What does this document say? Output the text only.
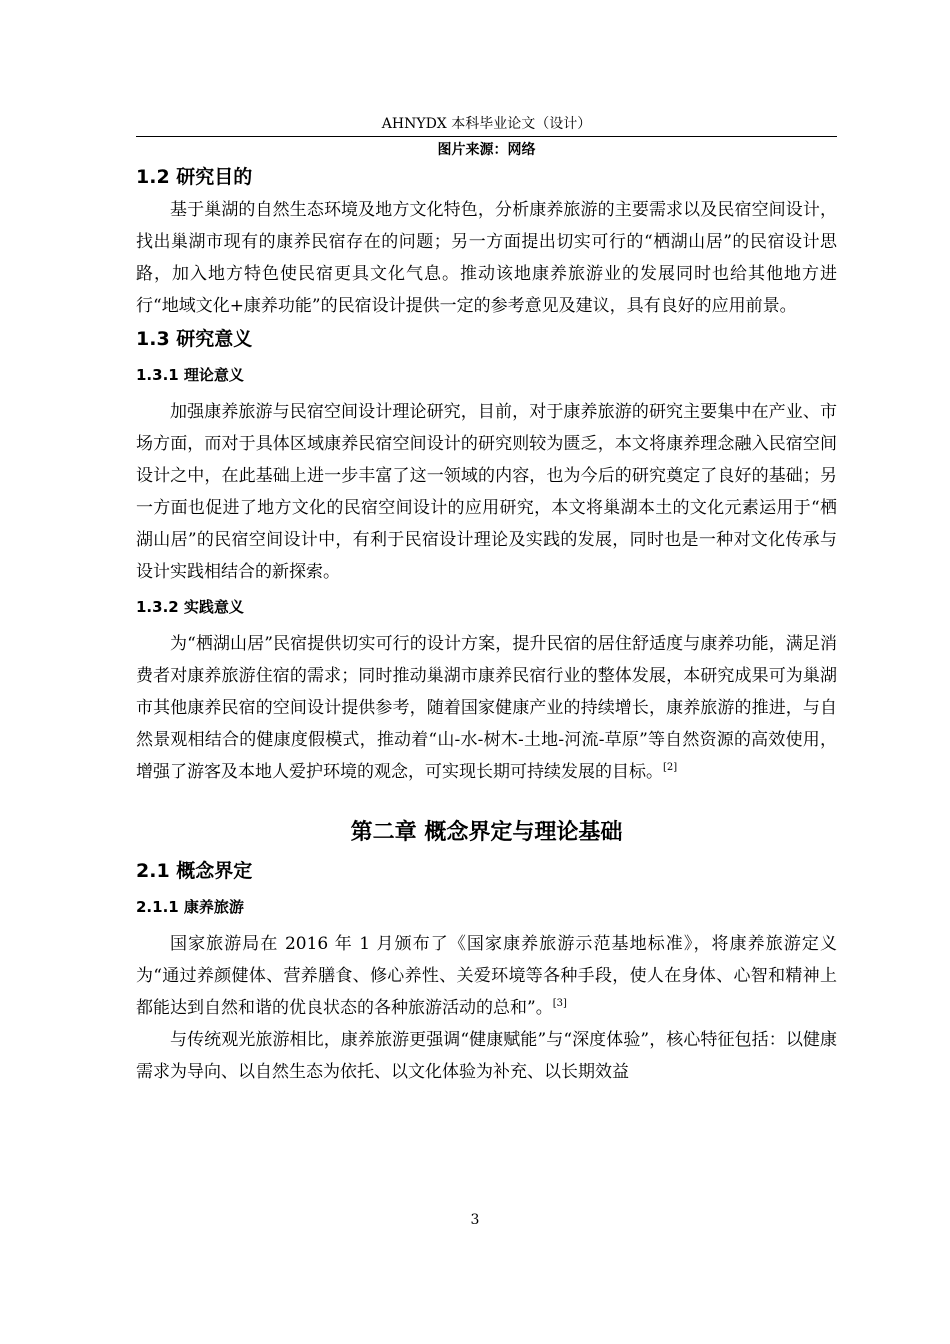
AHNYDX 本科毕业论文（设计）
图片来源：网络
1.2 研究目的

基于巢湖的自然生态环境及地方文化特色，分析康养旅游的主要需求以及民宿空间设计，找出巢湖市现有的康养民宿存在的问题；另一方面提出切实可行的“栖湖山居”的民宿设计思路，加入地方特色使民宿更具文化气息。推动该地康养旅游业的发展同时也给其他地方进行“地域文化+康养功能”的民宿设计提供一定的参考意见及建议，具有良好的应用前景。

1.3 研究意义
1.3.1 理论意义

加强康养旅游与民宿空间设计理论研究，目前，对于康养旅游的研究主要集中在产业、市场方面，而对于具体区域康养民宿空间设计的研究则较为匮乏，本文将康养理念融入民宿空间设计之中，在此基础上进一步丰富了这一领域的内容，也为今后的研究奠定了良好的基础；另一方面也促进了地方文化的民宿空间设计的应用研究，本文将巢湖本土的文化元素运用于“栖湖山居”的民宿空间设计中，有利于民宿设计理论及实践的发展，同时也是一种对文化传承与设计实践相结合的新探索。

1.3.2 实践意义

为“栖湖山居”民宿提供切实可行的设计方案，提升民宿的居住舒适度与康养功能，满足消费者对康养旅游住宿的需求；同时推动巢湖市康养民宿行业的整体发展，本研究成果可为巢湖市其他康养民宿的空间设计提供参考，随着国家健康产业的持续增长，康养旅游的推进，与自然景观相结合的健康度假模式，推动着“山-水-树木-土地-河流-草原”等自然资源的高效使用，增强了游客及本地人爱护环境的观念，可实现长期可持续发展的目标。[2]

第二章 概念界定与理论基础
2.1 概念界定
2.1.1 康养旅游

国家旅游局在 2016 年 1 月颁布了《国家康养旅游示范基地标准》，将康养旅游定义为“通过养颜健体、营养膳食、修心养性、关爱环境等各种手段，使人在身体、心智和精神上都能达到自然和谐的优良状态的各种旅游活动的总和”。[3]

与传统观光旅游相比，康养旅游更强调“健康赋能”与“深度体验”，核心特征包括：以健康需求为导向、以自然生态为依托、以文化体验为补充、以长期效益

3
